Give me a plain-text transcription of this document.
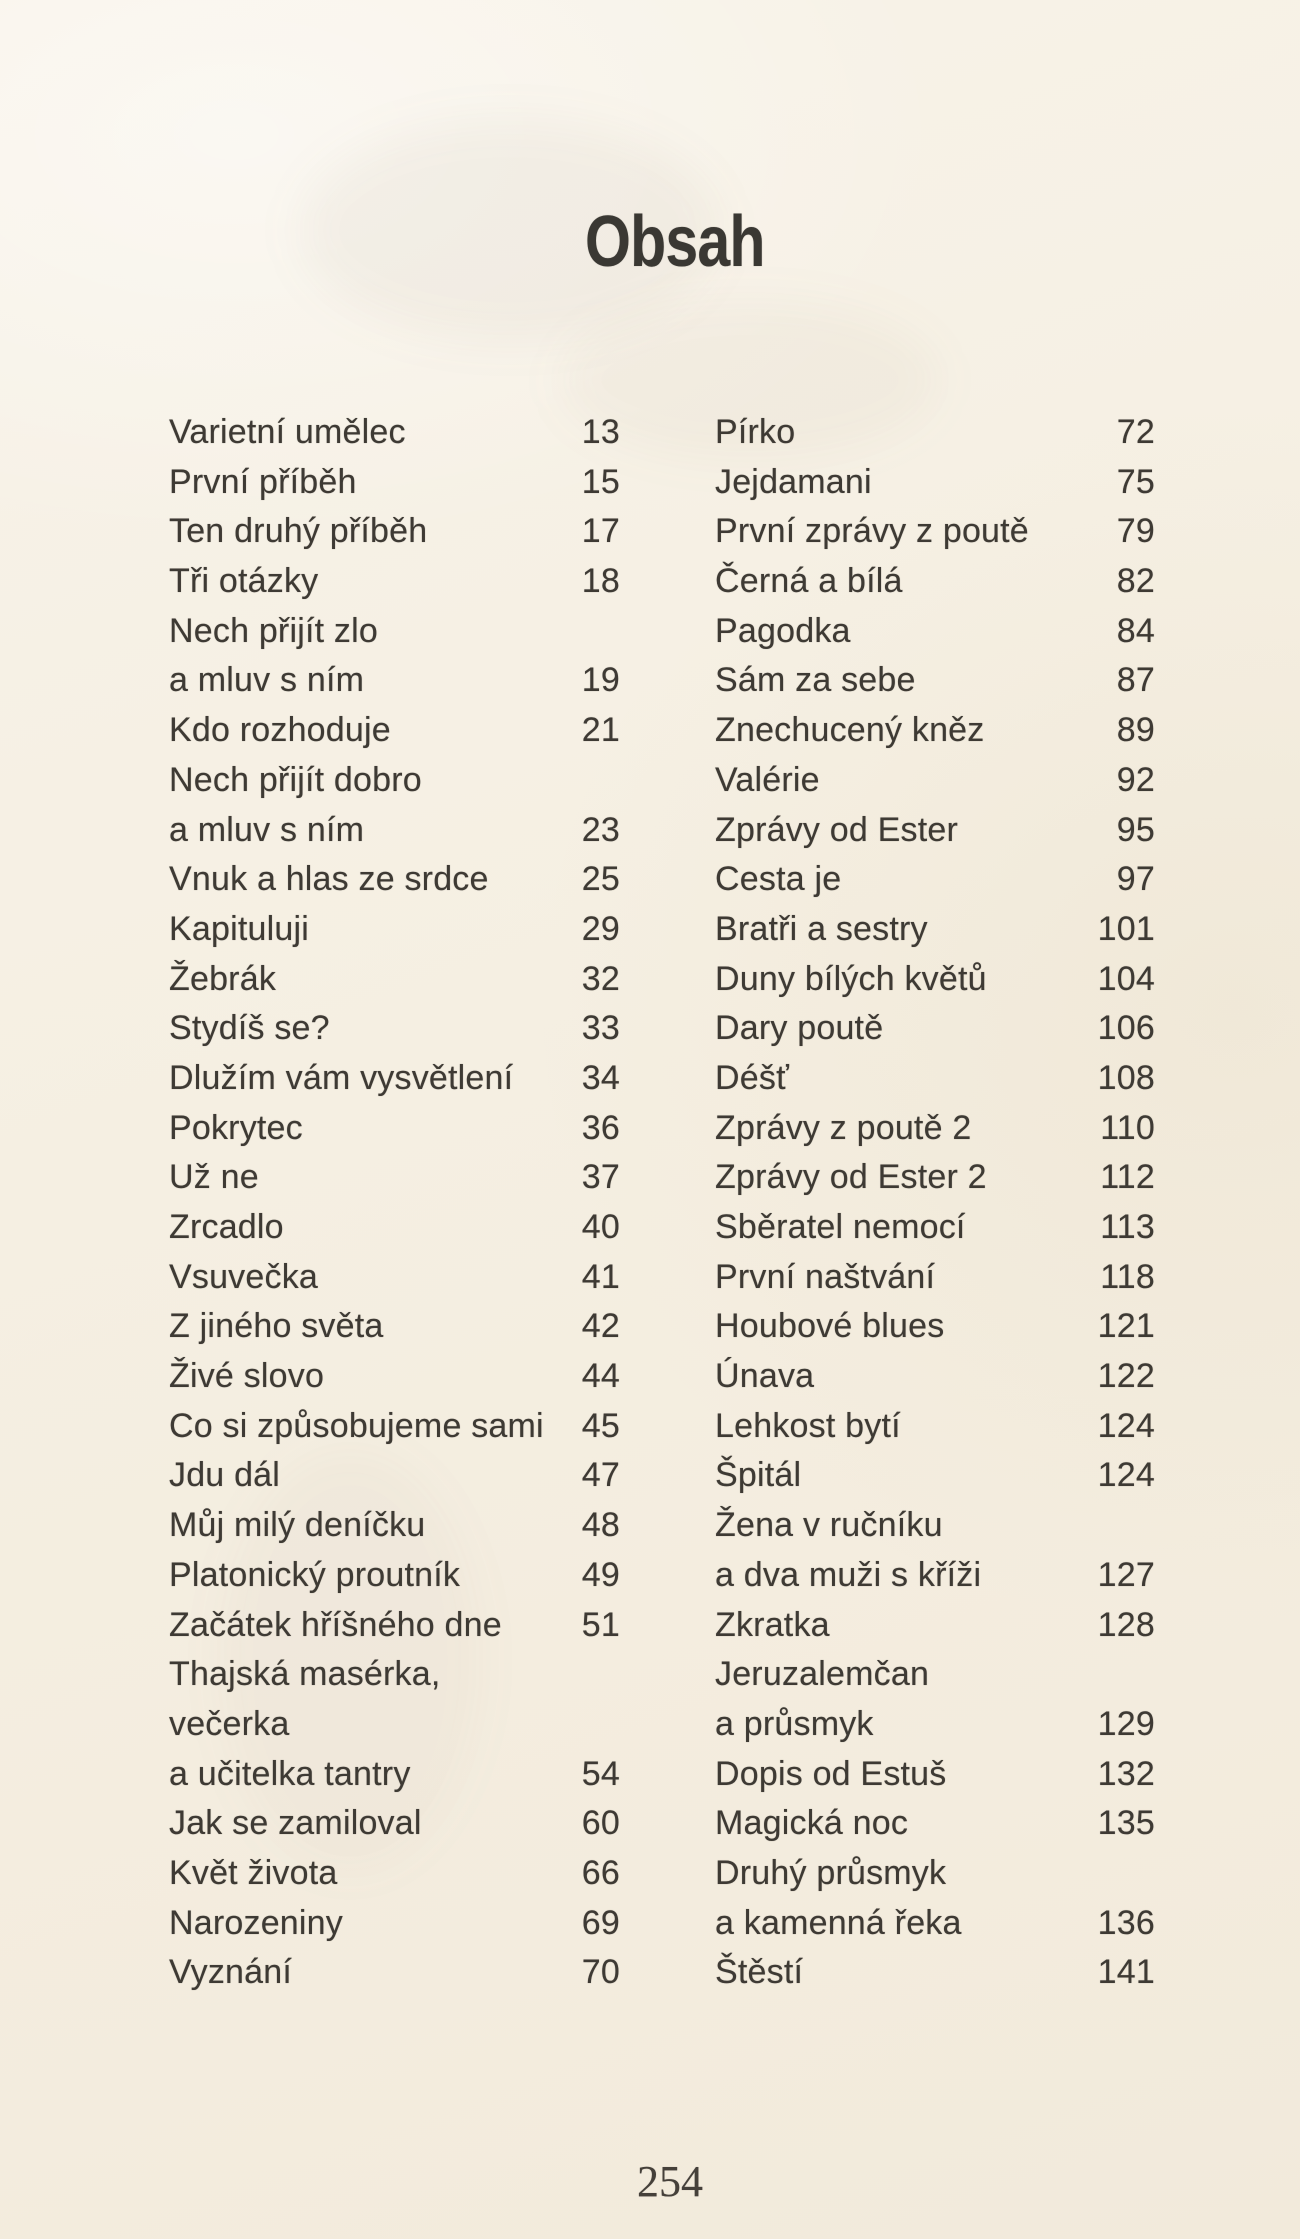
Obsah
Varietní umělec	13
První příběh	15
Ten druhý příběh	17
Tři otázky	18
Nech přijít zlo
a mluv s ním	19
Kdo rozhoduje	21
Nech přijít dobro
a mluv s ním	23
Vnuk a hlas ze srdce	25
Kapituluji	29
Žebrák	32
Stydíš se?	33
Dlužím vám vysvětlení	34
Pokrytec	36
Už ne	37
Zrcadlo	40
Vsuvečka	41
Z jiného světa	42
Živé slovo	44
Co si způsobujeme sami	45
Jdu dál	47
Můj milý deníčku	48
Platonický proutník	49
Začátek hříšného dne	51
Thajská masérka,
večerka
a učitelka tantry	54
Jak se zamiloval	60
Květ života	66
Narozeniny	69
Vyznání	70
Pírko	72
Jejdamani	75
První zprávy z poutě	79
Černá a bílá	82
Pagodka	84
Sám za sebe	87
Znechucený kněz	89
Valérie	92
Zprávy od Ester	95
Cesta je	97
Bratři a sestry	101
Duny bílých květů	104
Dary poutě	106
Déšť	108
Zprávy z poutě 2	110
Zprávy od Ester 2	112
Sběratel nemocí	113
První naštvání	118
Houbové blues	121
Únava	122
Lehkost bytí	124
Špitál	124
Žena v ručníku
a dva muži s kříži	127
Zkratka	128
Jeruzalemčan
a průsmyk	129
Dopis od Estuš	132
Magická noc	135
Druhý průsmyk
a kamenná řeka	136
Štěstí	141
254
